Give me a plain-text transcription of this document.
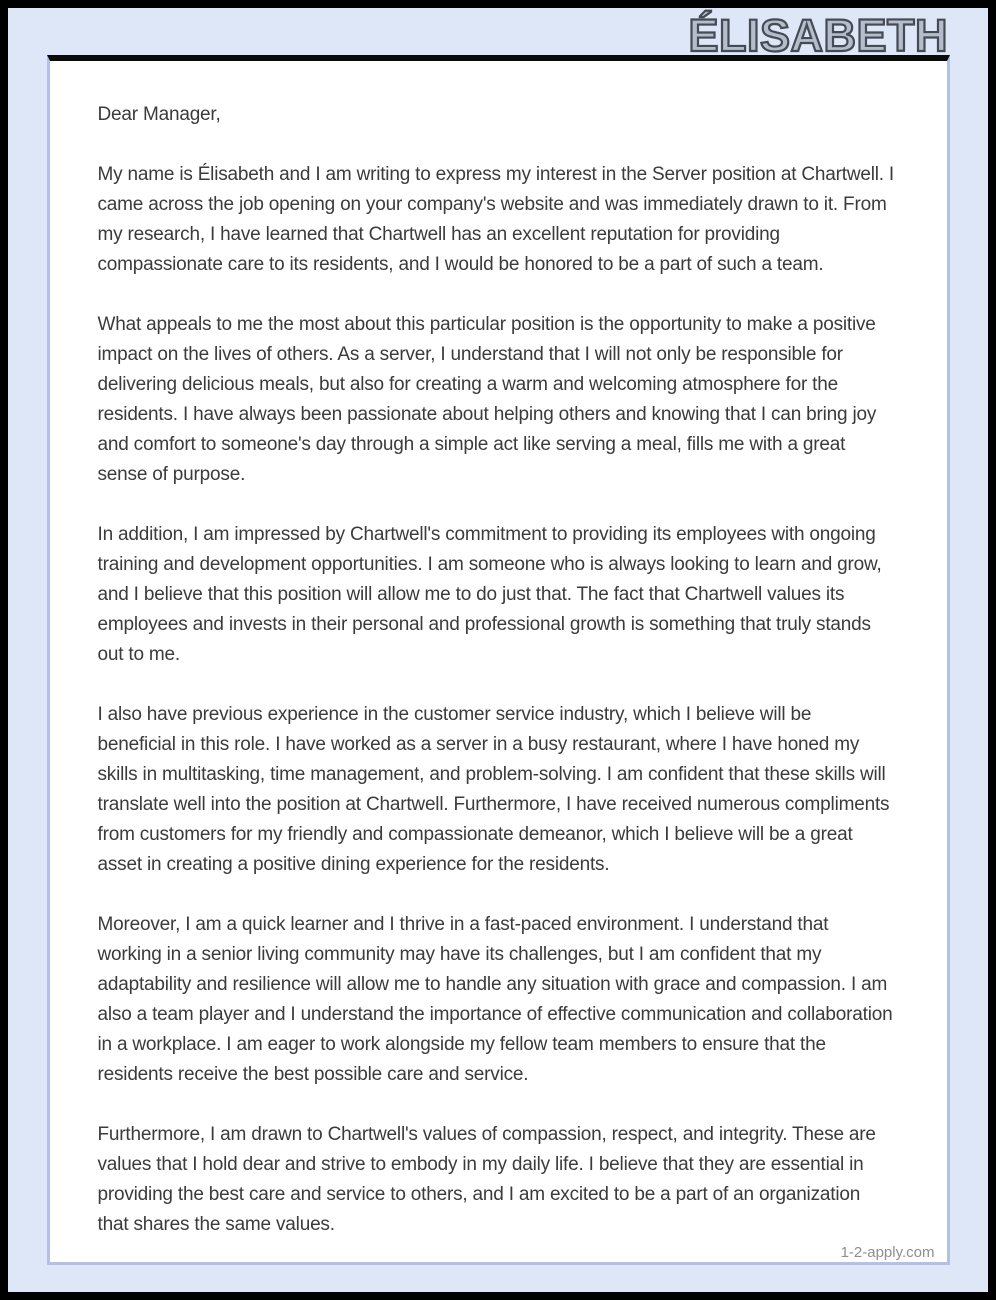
ÉLISABETH

Dear Manager,

My name is Élisabeth and I am writing to express my interest in the Server position at Chartwell. I came across the job opening on your company's website and was immediately drawn to it. From my research, I have learned that Chartwell has an excellent reputation for providing compassionate care to its residents, and I would be honored to be a part of such a team.

What appeals to me the most about this particular position is the opportunity to make a positive impact on the lives of others. As a server, I understand that I will not only be responsible for delivering delicious meals, but also for creating a warm and welcoming atmosphere for the residents. I have always been passionate about helping others and knowing that I can bring joy and comfort to someone's day through a simple act like serving a meal, fills me with a great sense of purpose.

In addition, I am impressed by Chartwell's commitment to providing its employees with ongoing training and development opportunities. I am someone who is always looking to learn and grow, and I believe that this position will allow me to do just that. The fact that Chartwell values its employees and invests in their personal and professional growth is something that truly stands out to me.

I also have previous experience in the customer service industry, which I believe will be beneficial in this role. I have worked as a server in a busy restaurant, where I have honed my skills in multitasking, time management, and problem-solving. I am confident that these skills will translate well into the position at Chartwell. Furthermore, I have received numerous compliments from customers for my friendly and compassionate demeanor, which I believe will be a great asset in creating a positive dining experience for the residents.

Moreover, I am a quick learner and I thrive in a fast-paced environment. I understand that working in a senior living community may have its challenges, but I am confident that my adaptability and resilience will allow me to handle any situation with grace and compassion. I am also a team player and I understand the importance of effective communication and collaboration in a workplace. I am eager to work alongside my fellow team members to ensure that the residents receive the best possible care and service.

Furthermore, I am drawn to Chartwell's values of compassion, respect, and integrity. These are values that I hold dear and strive to embody in my daily life. I believe that they are essential in providing the best care and service to others, and I am excited to be a part of an organization that shares the same values.

1-2-apply.com
